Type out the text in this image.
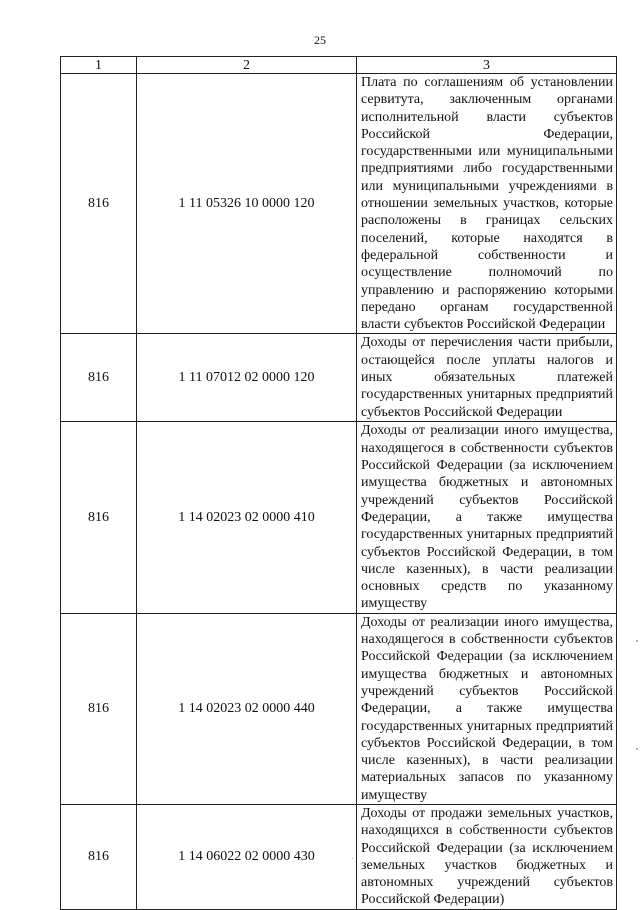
25
1	2	3
816	1 11 05326 10 0000 120	Плата по соглашениям об установлении сервитута, заключенным органами исполнительной власти субъектов Российской Федерации, государственными или муниципальными предприятиями либо государственными или муниципальными учреждениями в отношении земельных участков, которые расположены в границах сельских поселений, которые находятся в федеральной собственности и осуществление полномочий по управлению и распоряжению которыми передано органам государственной власти субъектов Российской Федерации
816	1 11 07012 02 0000 120	Доходы от перечисления части прибыли, остающейся после уплаты налогов и иных обязательных платежей государственных унитарных предприятий субъектов Российской Федерации
816	1 14 02023 02 0000 410	Доходы от реализации иного имущества, находящегося в собственности субъектов Российской Федерации (за исключением имущества бюджетных и автономных учреждений субъектов Российской Федерации, а также имущества государственных унитарных предприятий субъектов Российской Федерации, в том числе казенных), в части реализации основных средств по указанному имуществу
816	1 14 02023 02 0000 440	Доходы от реализации иного имущества, находящегося в собственности субъектов Российской Федерации (за исключением имущества бюджетных и автономных учреждений субъектов Российской Федерации, а также имущества государственных унитарных предприятий субъектов Российской Федерации, в том числе казенных), в части реализации материальных запасов по указанному имуществу
816	1 14 06022 02 0000 430	Доходы от продажи земельных участков, находящихся в собственности субъектов Российской Федерации (за исключением земельных участков бюджетных и автономных учреждений субъектов Российской Федерации)
